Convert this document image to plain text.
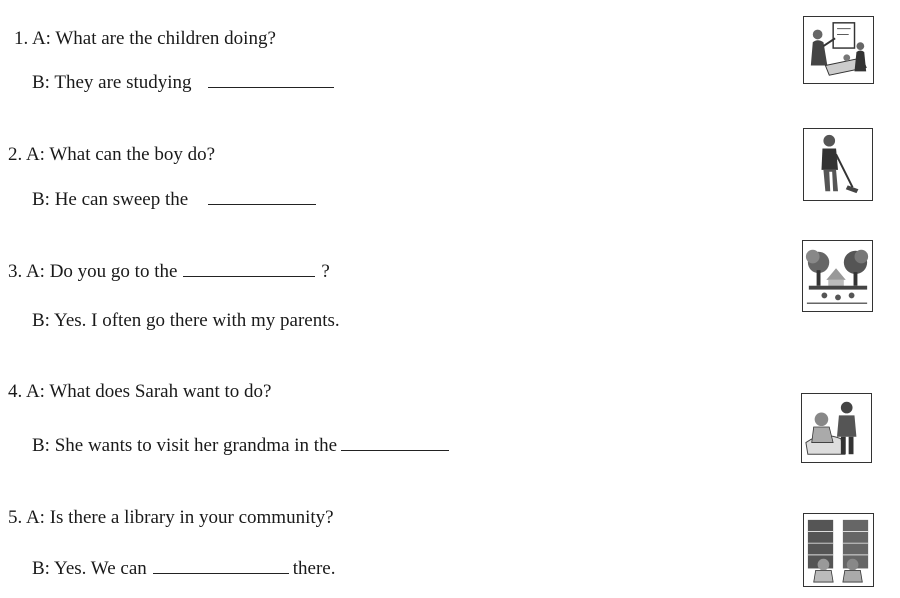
1. A: What are the children doing?
B: They are studying
2. A: What can the boy do?
B: He can sweep the
3. A: Do you go to the	?
B: Yes. I often go there with my parents.
4. A: What does Sarah want to do?
B: She wants to visit her grandma in the
5. A: Is there a library in your community?
B: Yes. We can	there.
